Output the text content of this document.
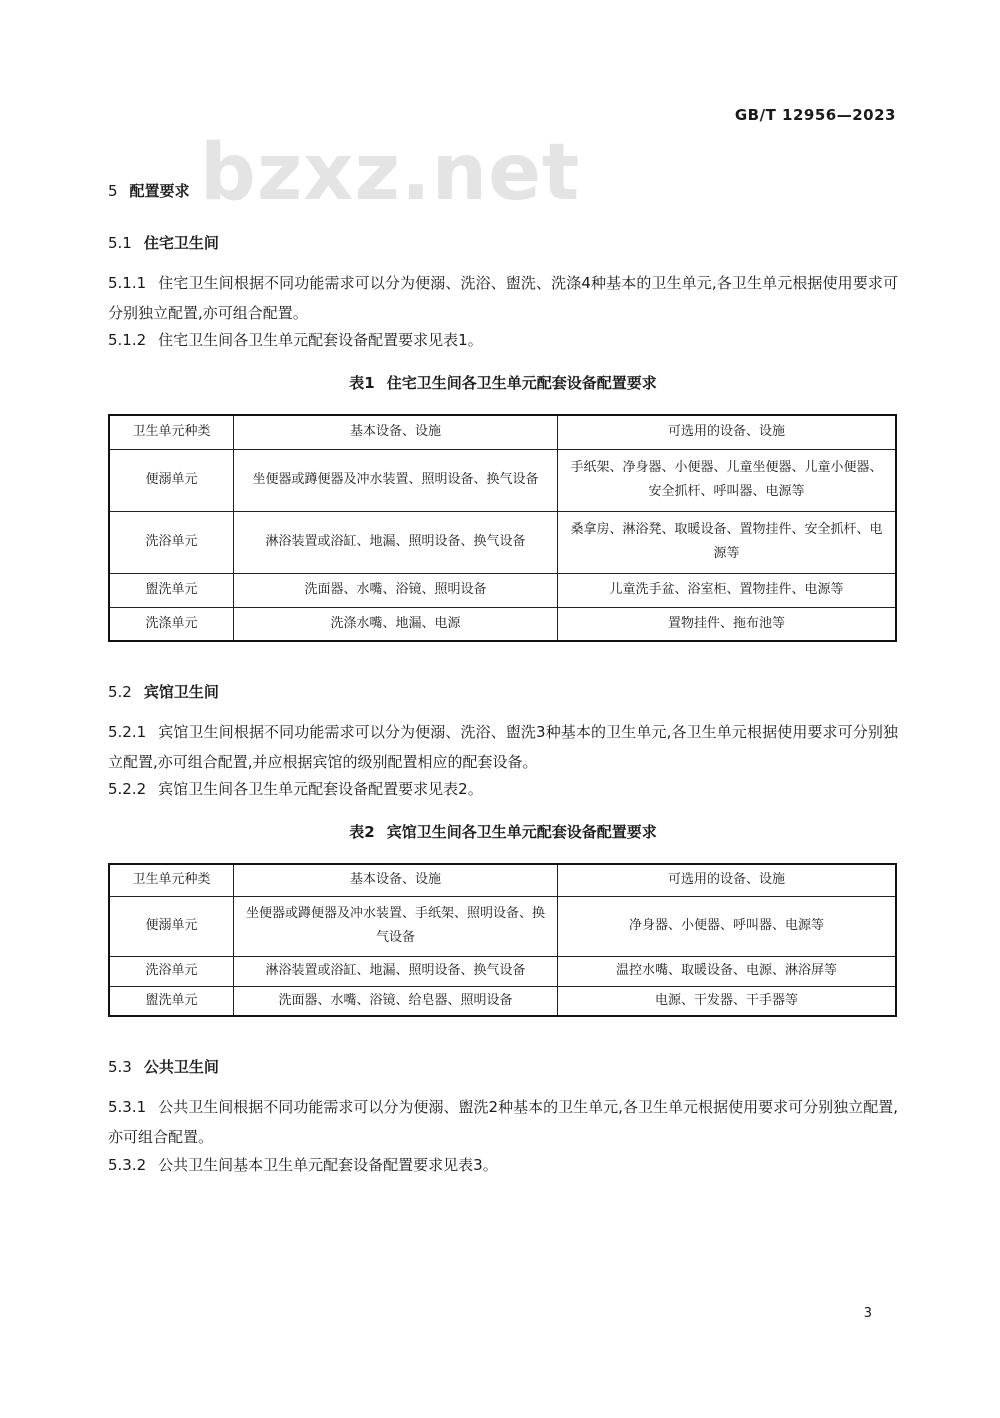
GB/T 12956—2023
bzxz.net
5 配置要求
5.1 住宅卫生间
5.1.1 住宅卫生间根据不同功能需求可以分为便溺、洗浴、盥洗、洗涤4种基本的卫生单元,各卫生单元根据使用要求可分别独立配置,亦可组合配置。
5.1.2 住宅卫生间各卫生单元配套设备配置要求见表1。
表1 住宅卫生间各卫生单元配套设备配置要求
卫生单元种类	基本设备、设施	可选用的设备、设施
便溺单元	坐便器或蹲便器及冲水装置、照明设备、换气设备	手纸架、净身器、小便器、儿童坐便器、儿童小便器、安全抓杆、呼叫器、电源等
洗浴单元	淋浴装置或浴缸、地漏、照明设备、换气设备	桑拿房、淋浴凳、取暖设备、置物挂件、安全抓杆、电源等
盥洗单元	洗面器、水嘴、浴镜、照明设备	儿童洗手盆、浴室柜、置物挂件、电源等
洗涤单元	洗涤水嘴、地漏、电源	置物挂件、拖布池等
5.2 宾馆卫生间
5.2.1 宾馆卫生间根据不同功能需求可以分为便溺、洗浴、盥洗3种基本的卫生单元,各卫生单元根据使用要求可分别独立配置,亦可组合配置,并应根据宾馆的级别配置相应的配套设备。
5.2.2 宾馆卫生间各卫生单元配套设备配置要求见表2。
表2 宾馆卫生间各卫生单元配套设备配置要求
卫生单元种类	基本设备、设施	可选用的设备、设施
便溺单元	坐便器或蹲便器及冲水装置、手纸架、照明设备、换气设备	净身器、小便器、呼叫器、电源等
洗浴单元	淋浴装置或浴缸、地漏、照明设备、换气设备	温控水嘴、取暖设备、电源、淋浴屏等
盥洗单元	洗面器、水嘴、浴镜、给皂器、照明设备	电源、干发器、干手器等
5.3 公共卫生间
5.3.1 公共卫生间根据不同功能需求可以分为便溺、盥洗2种基本的卫生单元,各卫生单元根据使用要求可分别独立配置,亦可组合配置。
5.3.2 公共卫生间基本卫生单元配套设备配置要求见表3。
3
